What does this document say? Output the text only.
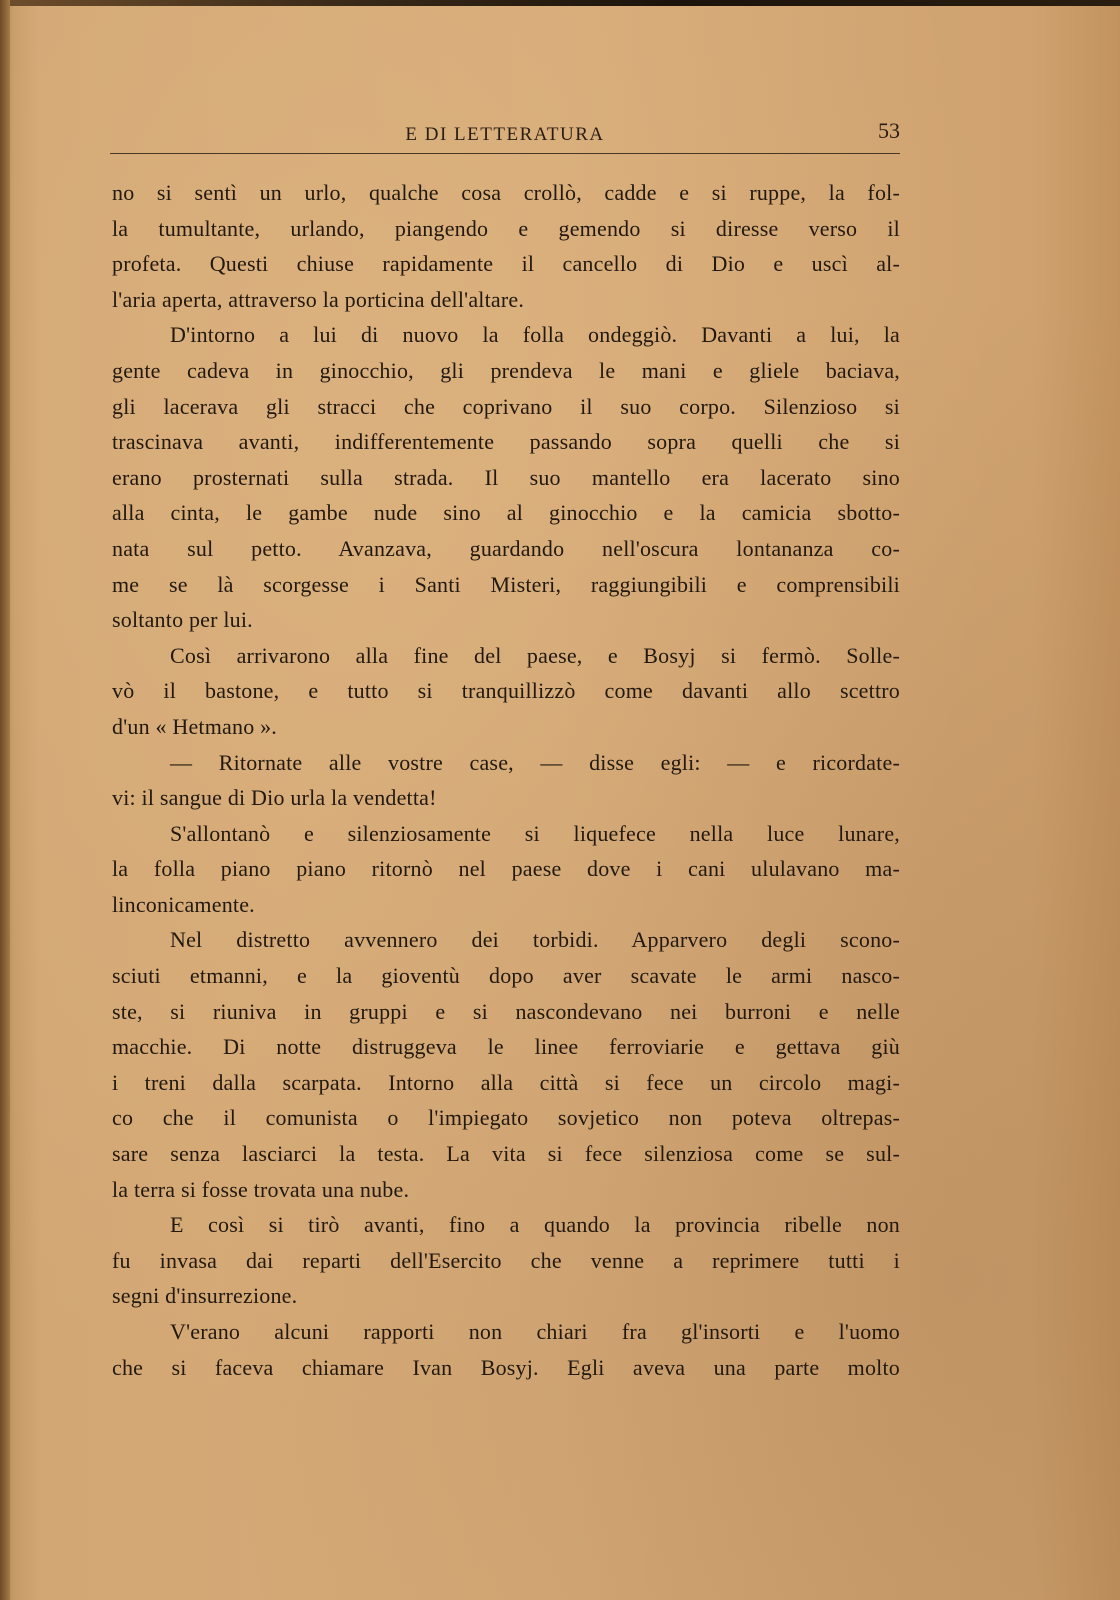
E DI LETTERATURA	53
no si sentì un urlo, qualche cosa crollò, cadde e si ruppe, la fol-
la tumultante, urlando, piangendo e gemendo si diresse verso il
profeta. Questi chiuse rapidamente il cancello di Dio e uscì al-
l'aria aperta, attraverso la porticina dell'altare.
D'intorno a lui di nuovo la folla ondeggiò. Davanti a lui, la
gente cadeva in ginocchio, gli prendeva le mani e gliele baciava,
gli lacerava gli stracci che coprivano il suo corpo. Silenzioso si
trascinava avanti, indifferentemente passando sopra quelli che si
erano prosternati sulla strada. Il suo mantello era lacerato sino
alla cinta, le gambe nude sino al ginocchio e la camicia sbotto-
nata sul petto. Avanzava, guardando nell'oscura lontananza co-
me se là scorgesse i Santi Misteri, raggiungibili e comprensibili
soltanto per lui.
Così arrivarono alla fine del paese, e Bosyj si fermò. Solle-
vò il bastone, e tutto si tranquillizzò come davanti allo scettro
d'un « Hetmano ».
— Ritornate alle vostre case, — disse egli: — e ricordate-
vi: il sangue di Dio urla la vendetta!
S'allontanò e silenziosamente si liquefece nella luce lunare,
la folla piano piano ritornò nel paese dove i cani ululavano ma-
linconicamente.
Nel distretto avvennero dei torbidi. Apparvero degli scono-
sciuti etmanni, e la gioventù dopo aver scavate le armi nasco-
ste, si riuniva in gruppi e si nascondevano nei burroni e nelle
macchie. Di notte distruggeva le linee ferroviarie e gettava giù
i treni dalla scarpata. Intorno alla città si fece un circolo magi-
co che il comunista o l'impiegato sovjetico non poteva oltrepas-
sare senza lasciarci la testa. La vita si fece silenziosa come se sul-
la terra si fosse trovata una nube.
E così si tirò avanti, fino a quando la provincia ribelle non
fu invasa dai reparti dell'Esercito che venne a reprimere tutti i
segni d'insurrezione.
V'erano alcuni rapporti non chiari fra gl'insorti e l'uomo
che si faceva chiamare Ivan Bosyj. Egli aveva una parte molto
